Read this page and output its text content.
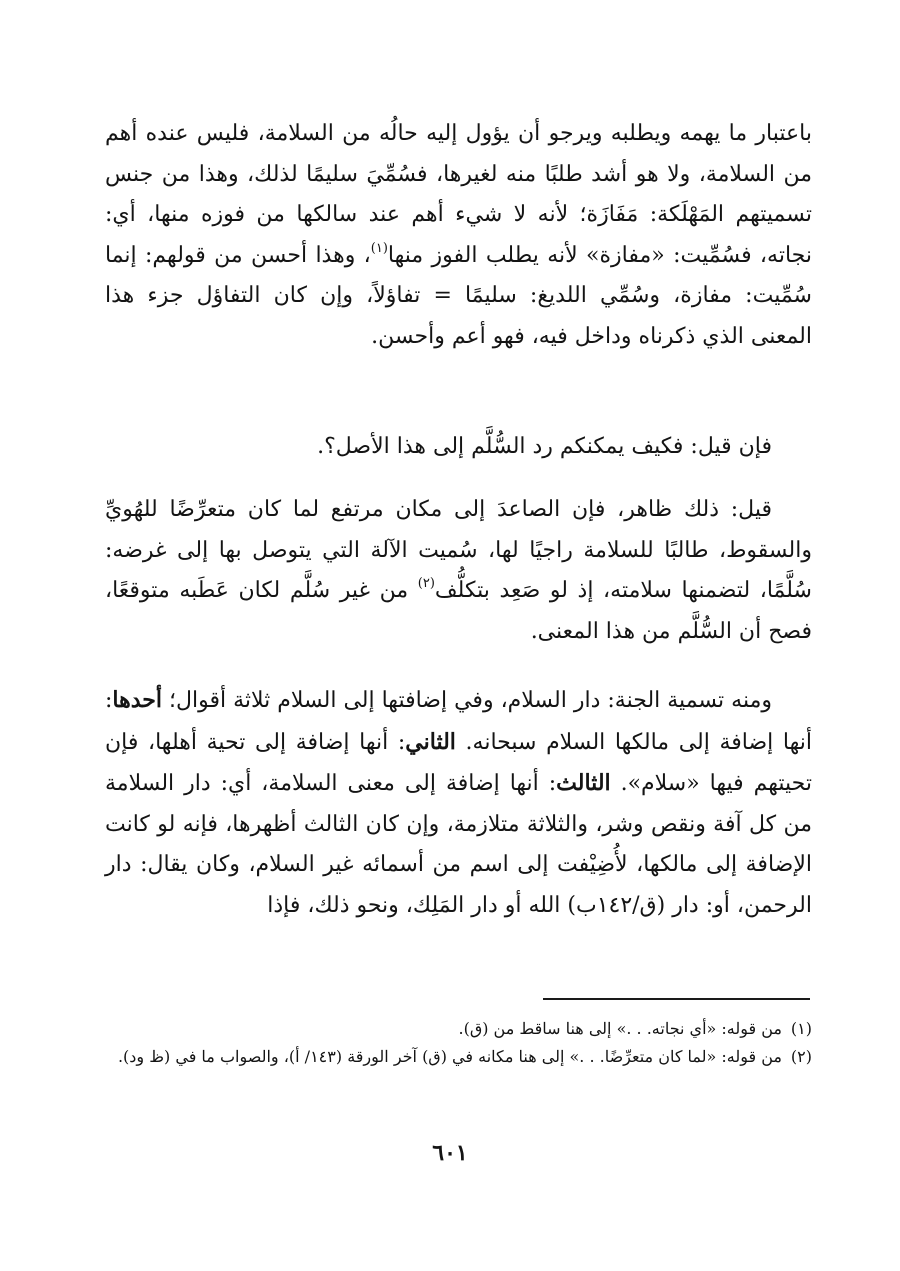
باعتبار ما يهمه ويطلبه ويرجو أن يؤول إليه حالُه من السلامة، فليس عنده أهم من السلامة، ولا هو أشد طلبًا منه لغيرها، فسُمِّيَ سليمًا لذلك، وهذا من جنس تسميتهم المَهْلَكة: مَفَازَة؛ لأنه لا شيء أهم عند سالكها من فوزه منها، أي: نجاته، فسُمِّيت: «مفازة» لأنه يطلب الفوز منها$^{(١)}$، وهذا أحسن من قولهم: إنما سُمِّيت: مفازة، وسُمِّي اللديغ: سليمًا = تفاؤلاً، وإن كان التفاؤل جزء هذا المعنى الذي ذكرناه وداخل فيه، فهو أعم وأحسن.

فإن قيل: فكيف يمكنكم رد السُّلَّم إلى هذا الأصل؟.

قيل: ذلك ظاهر، فإن الصاعدَ إلى مكان مرتفع لما كان متعرِّضًا للهُويِّ والسقوط، طالبًا للسلامة راجيًا لها، سُميت الآلة التي يتوصل بها إلى غرضه: سُلَّمًا، لتضمنها سلامته، إذ لو صَعِد بتكلُّف$^{(٢)}$ من غير سُلَّم لكان عَطَبه متوقعًا، فصح أن السُّلَّم من هذا المعنى.

ومنه تسمية الجنة: دار السلام، وفي إضافتها إلى السلام ثلاثة أقوال؛ أحدها: أنها إضافة إلى مالكها السلام سبحانه. الثاني: أنها إضافة إلى تحية أهلها، فإن تحيتهم فيها «سلام». الثالث: أنها إضافة إلى معنى السلامة، أي: دار السلامة من كل آفة ونقص وشر، والثلاثة متلازمة، وإن كان الثالث أظهرها، فإنه لو كانت الإضافة إلى مالكها، لأُضِيْفت إلى اسم من أسمائه غير السلام، وكان يقال: دار الرحمن، أو: دار (ق/١٤٢ب) الله أو دار المَلِك، ونحو ذلك، فإذا

(١)
من قوله: «أي نجاته. . .» إلى هنا ساقط من (ق).
(٢)
من قوله: «لما كان متعرِّضًا. . .» إلى هنا مكانه في (ق) آخر الورقة (١٤٣/ أ)، والصواب ما في (ظ ود).
٦٠١
